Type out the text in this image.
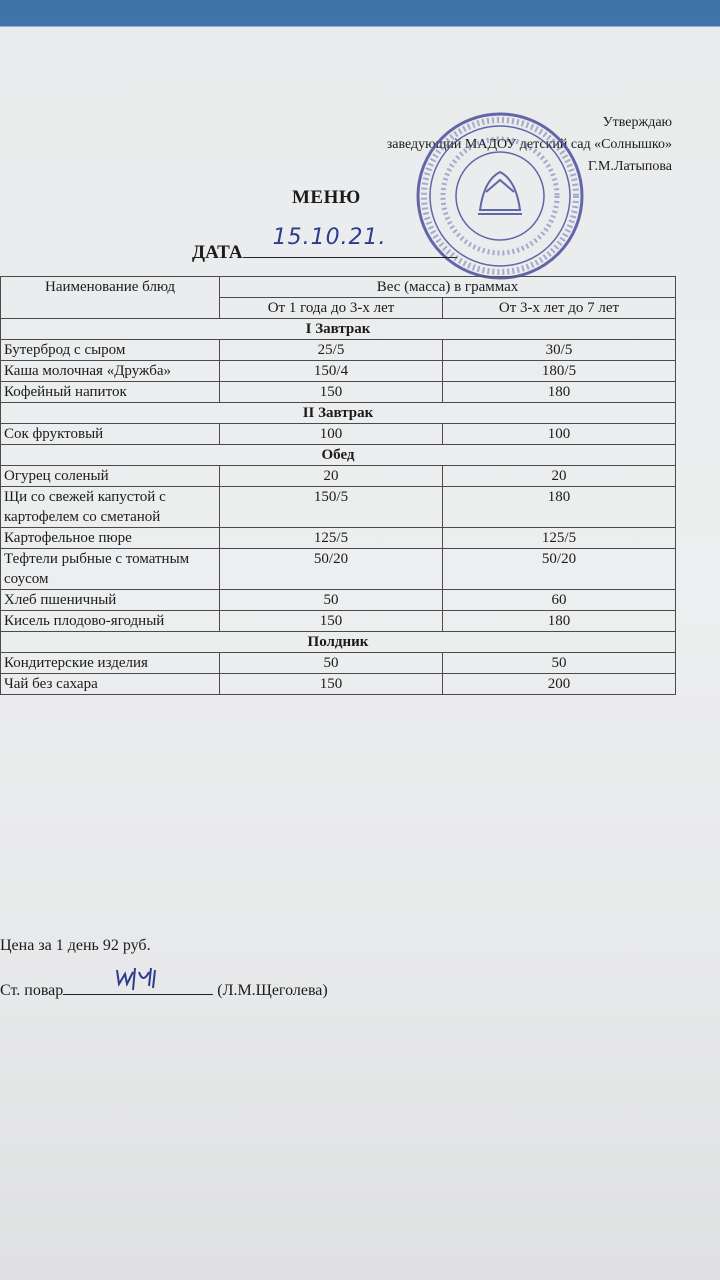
Утверждаю
заведующий МАДОУ детский сад «Солнышко»
Г.М.Латыпова
МЕНЮ
ДАТА
15.10.21.
Наименование блюд	Вес (масса) в граммах	
	От 1 года до 3-х лет	От 3-х лет до 7 лет
I Завтрак		
Бутерброд с сыром	25/5	30/5
Каша молочная «Дружба»	150/4	180/5
Кофейный напиток	150	180
II Завтрак		
Сок фруктовый	100	100
Обед		
Огурец соленый	20	20
Щи со свежей капустой с картофелем со сметаной	150/5	180
Картофельное пюре	125/5	125/5
Тефтели рыбные с томатным соусом	50/20	50/20
Хлеб пшеничный	50	60
Кисель плодово-ягодный	150	180
Полдник		
Кондитерские изделия	50	50
Чай без сахара	150	200
Цена за 1 день 92 руб.
Ст. повар	(Л.М.Щеголева)
